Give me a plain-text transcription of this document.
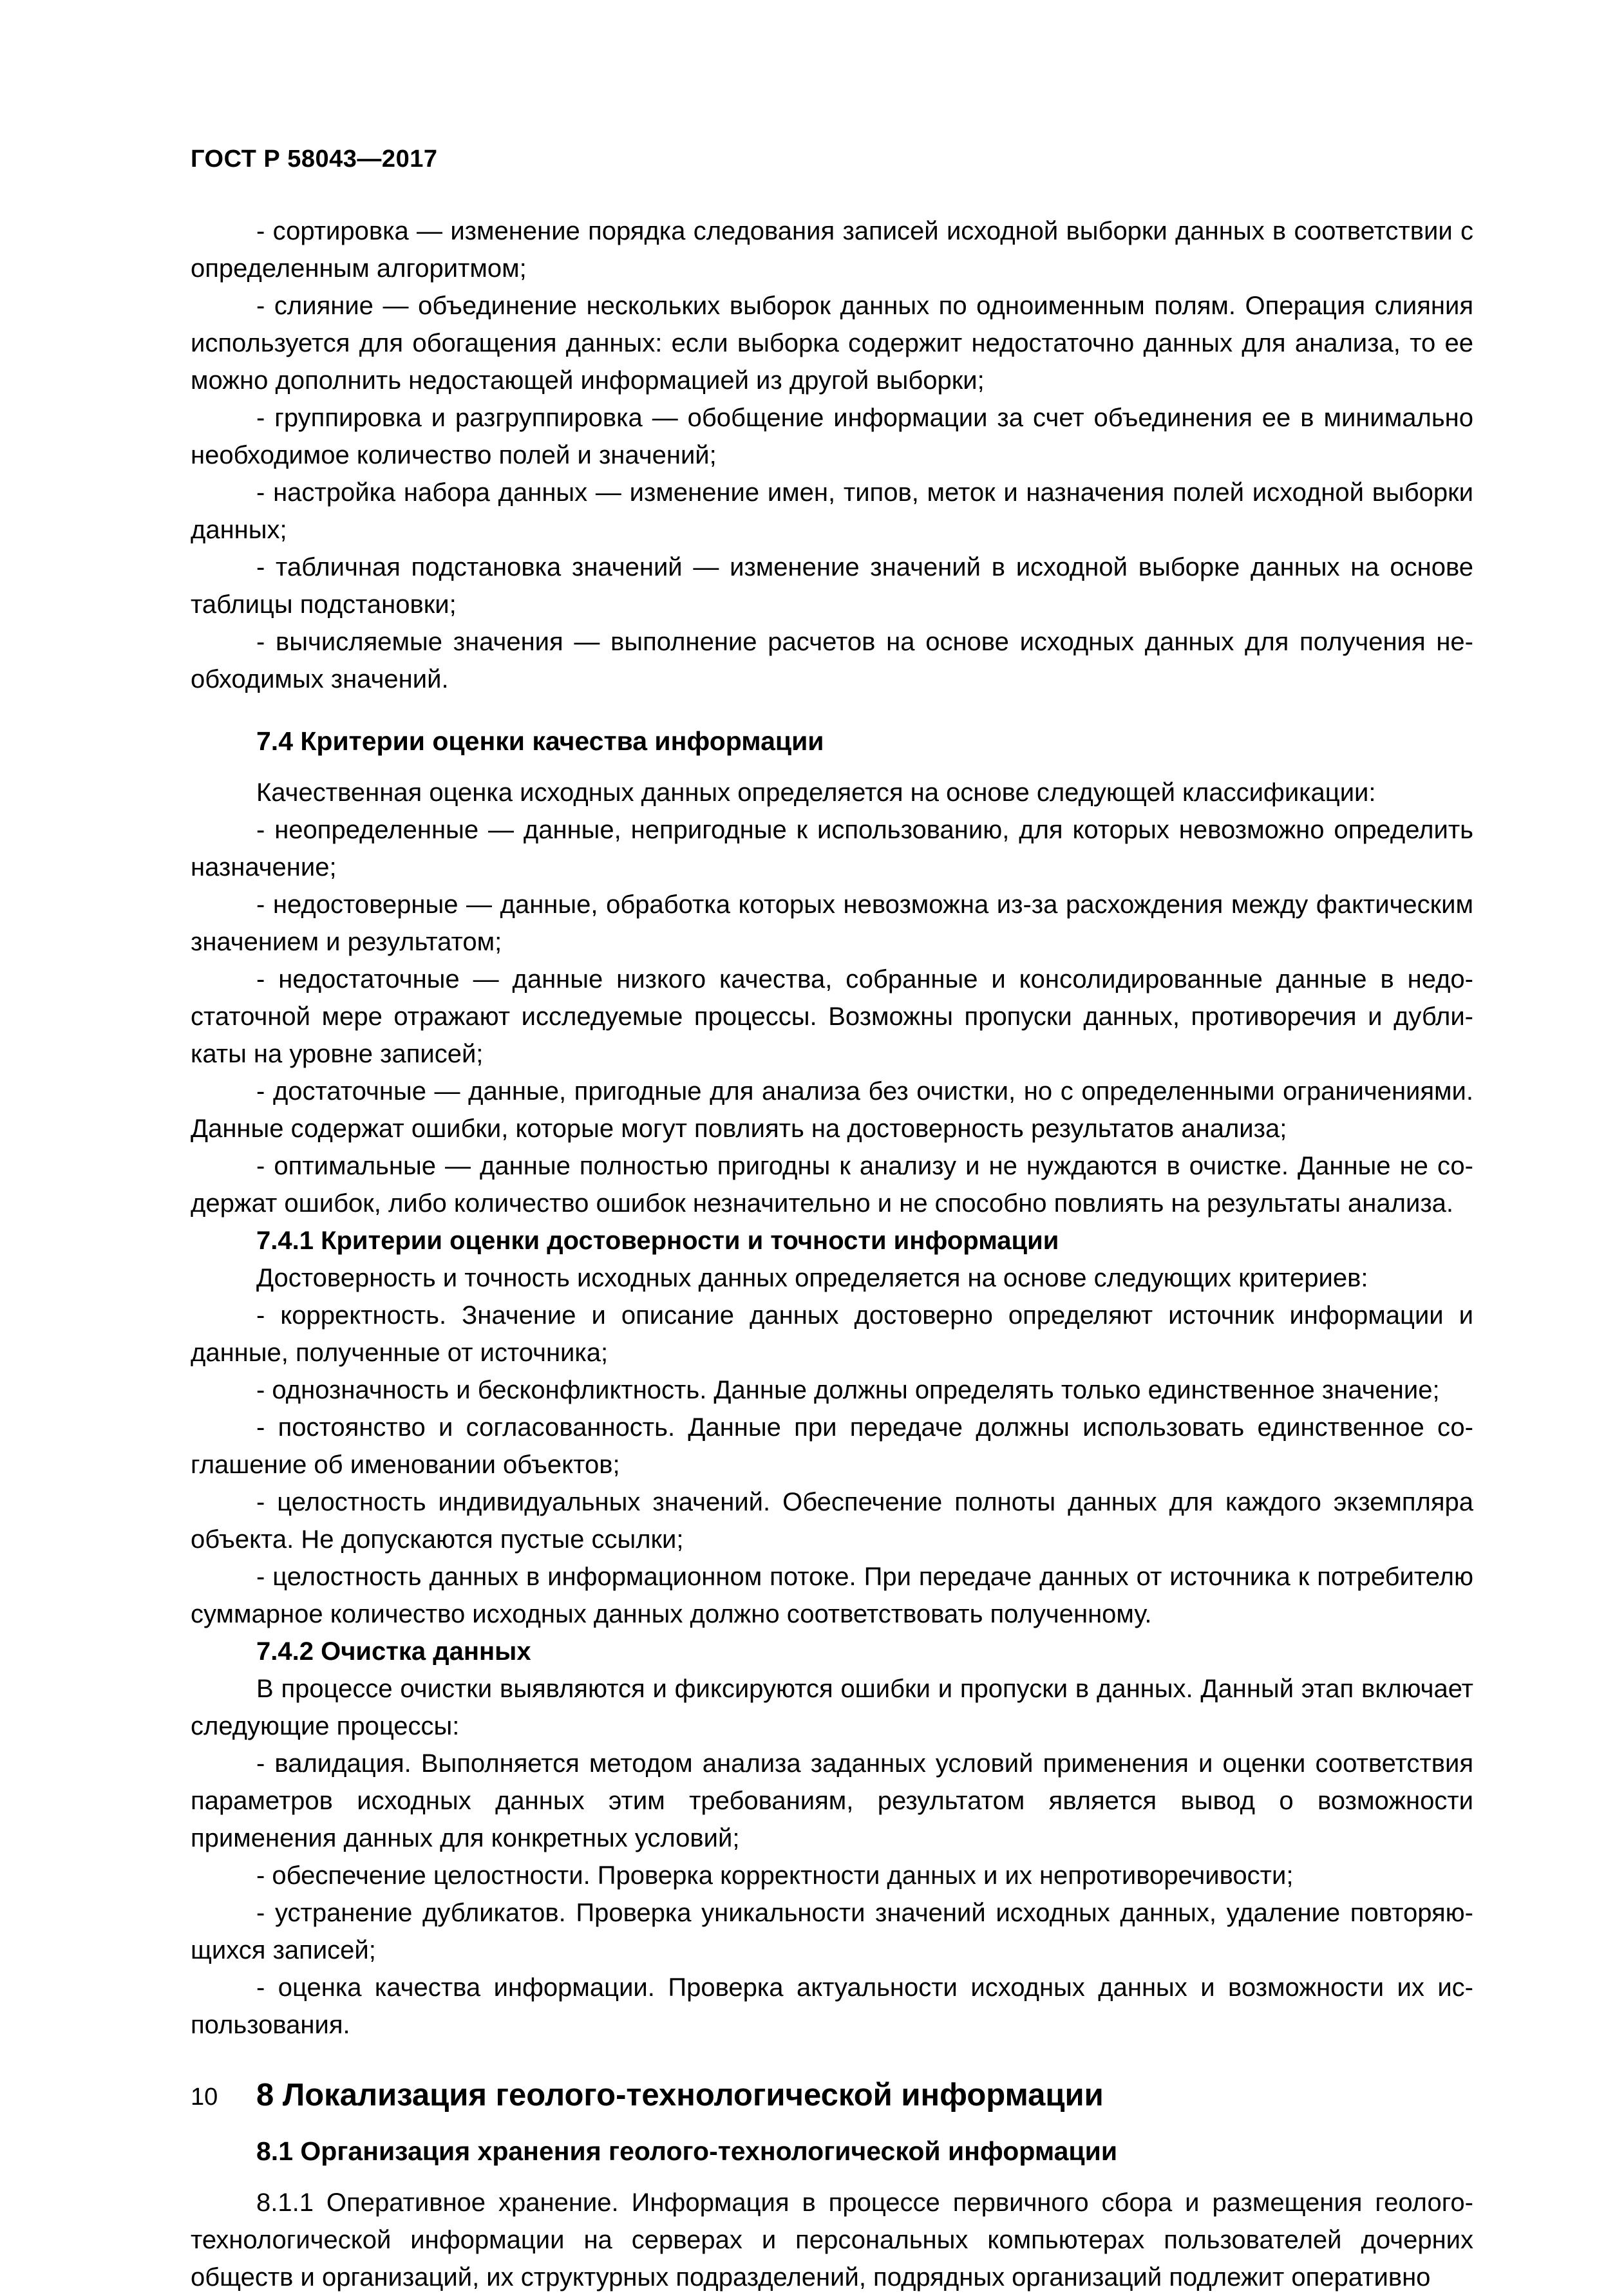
ГОСТ Р 58043—2017

- сортировка — изменение порядка следования записей исходной выборки данных в соответствии с определенным алгоритмом;

- слияние — объединение нескольких выборок данных по одноименным полям. Операция слияния используется для обогащения данных: если выборка содержит недостаточно данных для анализа, то ее можно дополнить недостающей информацией из другой выборки;

- группировка и разгруппировка — обобщение информации за счет объединения ее в минимально необходимое количество полей и значений;

- настройка набора данных — изменение имен, типов, меток и назначения полей исходной выборки данных;

- табличная подстановка значений — изменение значений в исходной выборке данных на основе таблицы подстановки;

- вычисляемые значения — выполнение расчетов на основе исходных данных для получения необходимых значений.

7.4 Критерии оценки качества информации

Качественная оценка исходных данных определяется на основе следующей классификации:

- неопределенные — данные, непригодные к использованию, для которых невозможно определить назначение;

- недостоверные — данные, обработка которых невозможна из-за расхождения между фактическим значением и результатом;

- недостаточные — данные низкого качества, собранные и консолидированные данные в недостаточной мере отражают исследуемые процессы. Возможны пропуски данных, противоречия и дубликаты на уровне записей;

- достаточные — данные, пригодные для анализа без очистки, но с определенными ограничениями. Данные содержат ошибки, которые могут повлиять на достоверность результатов анализа;

- оптимальные — данные полностью пригодны к анализу и не нуждаются в очистке. Данные не содержат ошибок, либо количество ошибок незначительно и не способно повлиять на результаты анализа.

7.4.1 Критерии оценки достоверности и точности информации

Достоверность и точность исходных данных определяется на основе следующих критериев:

- корректность. Значение и описание данных достоверно определяют источник информации и данные, полученные от источника;

- однозначность и бесконфликтность. Данные должны определять только единственное значение;

- постоянство и согласованность. Данные при передаче должны использовать единственное соглашение об именовании объектов;

- целостность индивидуальных значений. Обеспечение полноты данных для каждого экземпляра объекта. Не допускаются пустые ссылки;

- целостность данных в информационном потоке. При передаче данных от источника к потребителю суммарное количество исходных данных должно соответствовать полученному.

7.4.2 Очистка данных

В процессе очистки выявляются и фиксируются ошибки и пропуски в данных. Данный этап включает следующие процессы:

- валидация. Выполняется методом анализа заданных условий применения и оценки соответствия параметров исходных данных этим требованиям, результатом является вывод о возможности применения данных для конкретных условий;

- обеспечение целостности. Проверка корректности данных и их непротиворечивости;

- устранение дубликатов. Проверка уникальности значений исходных данных, удаление повторяющихся записей;

- оценка качества информации. Проверка актуальности исходных данных и возможности их использования.

8 Локализация геолого-технологической информации
8.1 Организация хранения геолого-технологической информации

8.1.1 Оперативное хранение. Информация в процессе первичного сбора и размещения геолого-технологической информации на серверах и персональных компьютерах пользователей дочерних обществ и организаций, их структурных подразделений, подрядных организаций подлежит оперативно

10
